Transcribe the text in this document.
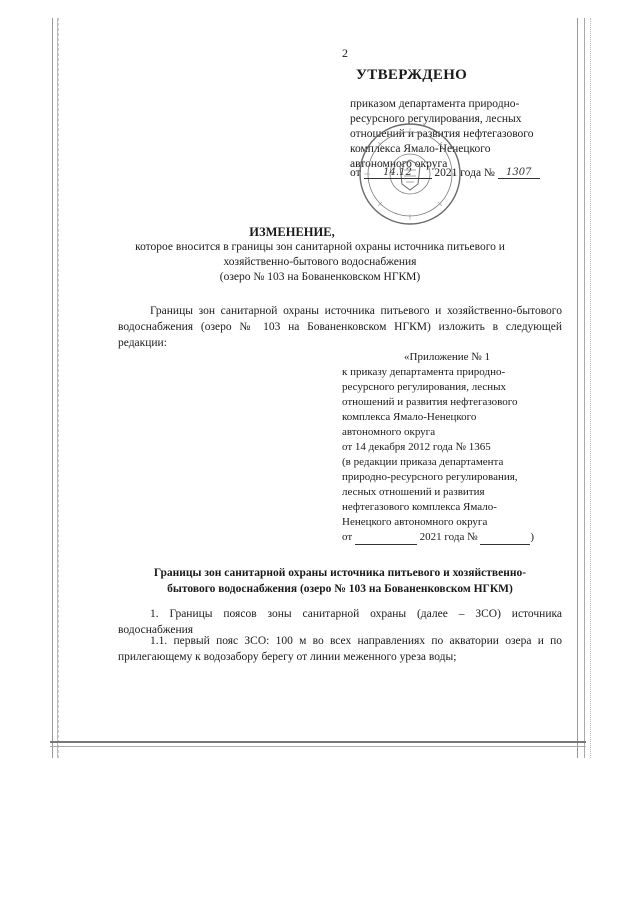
2
УТВЕРЖДЕНО
приказом департамента природно-
ресурсного регулирования, лесных
отношений и развития нефтегазового
комплекса Ямало-Ненецкого
автономного округа
от 14.12 2021 года № 1307
ИЗМЕНЕНИЕ,
которое вносится в границы зон санитарной охраны источника питьевого и
хозяйственно-бытового водоснабжения
(озеро № 103 на Бованенковском НГКМ)
Границы зон санитарной охраны источника питьевого и хозяйственно-бытового водоснабжения (озеро № 103 на Бованенковском НГКМ) изложить в следующей редакции:
«Приложение № 1
к приказу департамента природно-
ресурсного регулирования, лесных
отношений и развития нефтегазового
комплекса Ямало-Ненецкого
автономного округа
от 14 декабря 2012 года № 1365
(в редакции приказа департамента
природно-ресурсного регулирования,
лесных отношений и развития
нефтегазового комплекса Ямало-
Ненецкого автономного округа
от	2021 года №	)
Границы зон санитарной охраны источника питьевого и хозяйственно-
бытового водоснабжения (озеро № 103 на Бованенковском НГКМ)
1. Границы поясов зоны санитарной охраны (далее – ЗСО) источника водоснабжения
1.1. первый пояс ЗСО: 100 м во всех направлениях по акватории озера и по прилегающему к водозабору берегу от линии меженного уреза воды;
